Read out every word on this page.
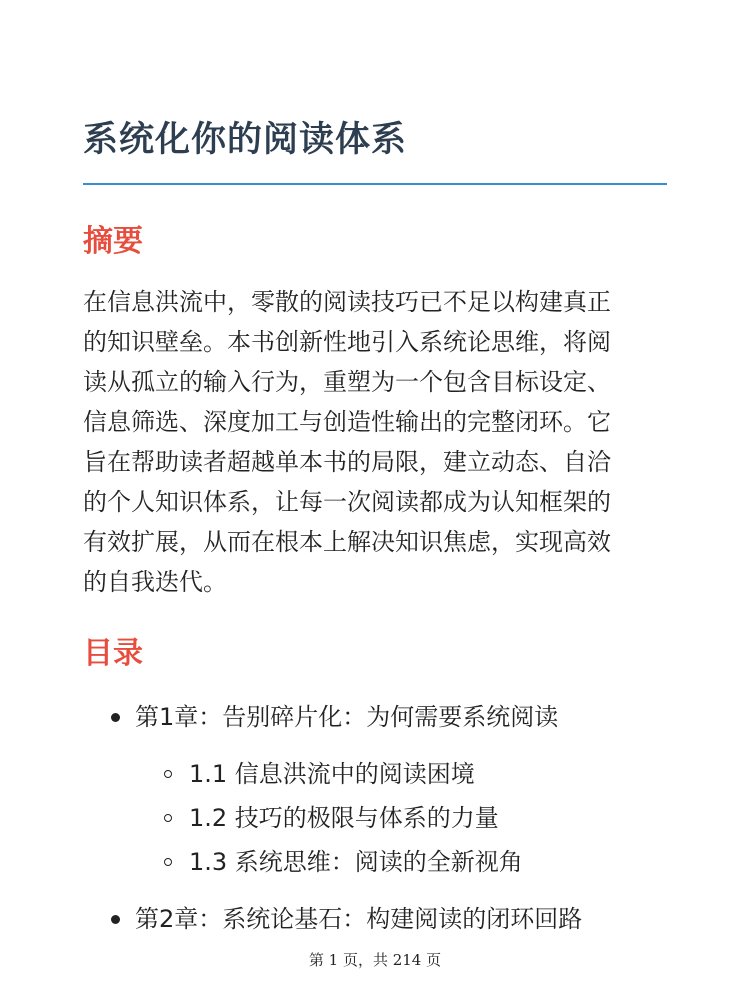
系统化你的阅读体系
摘要
在信息洪流中，零散的阅读技巧已不足以构建真正
的知识壁垒。本书创新性地引入系统论思维，将阅
读从孤立的输入行为，重塑为一个包含目标设定、
信息筛选、深度加工与创造性输出的完整闭环。它
旨在帮助读者超越单本书的局限，建立动态、自洽
的个人知识体系，让每一次阅读都成为认知框架的
有效扩展，从而在根本上解决知识焦虑，实现高效
的自我迭代。
目录
第1章：告别碎片化：为何需要系统阅读
1.1 信息洪流中的阅读困境
1.2 技巧的极限与体系的力量
1.3 系统思维：阅读的全新视角
第2章：系统论基石：构建阅读的闭环回路
第 1 页，共 214 页
